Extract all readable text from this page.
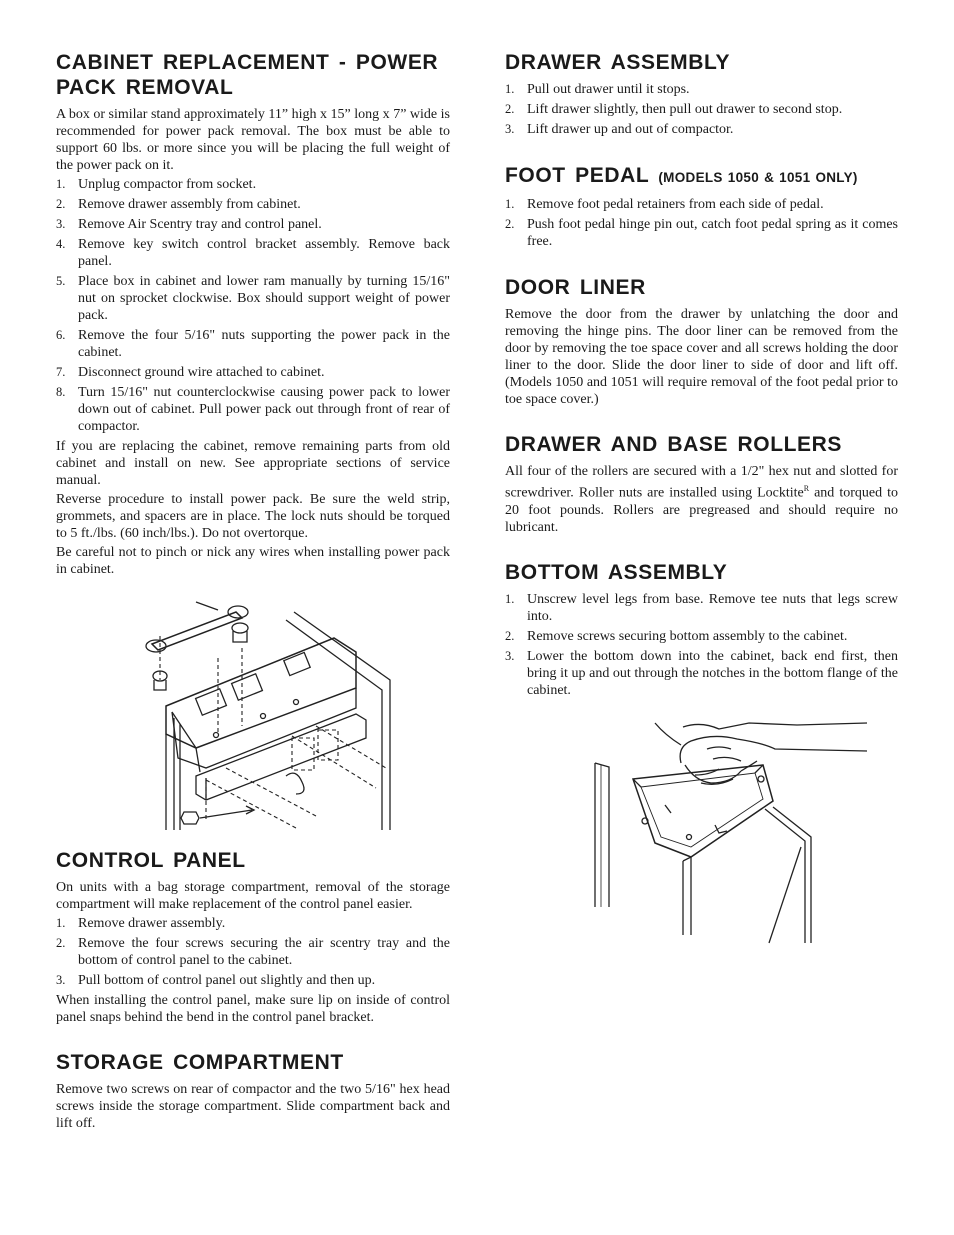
CABINET REPLACEMENT - POWER PACK REMOVAL

A box or similar stand approximately 11” high x 15” long x 7” wide is recommended for power pack removal. The box must be able to support 60 lbs. or more since you will be placing the full weight of the power pack on it.

1. Unplug compactor from socket.
2. Remove drawer assembly from cabinet.
3. Remove Air Scentry tray and control panel.
4. Remove key switch control bracket assembly. Remove back panel.
5. Place box in cabinet and lower ram manually by turning 15/16" nut on sprocket clockwise. Box should support weight of power pack.
6. Remove the four 5/16" nuts supporting the power pack in the cabinet.
7. Disconnect ground wire attached to cabinet.
8. Turn 15/16" nut counterclockwise causing power pack to lower down out of cabinet. Pull power pack out through front of rear of compactor.

If you are replacing the cabinet, remove remaining parts from old cabinet and install on new. See appropriate sections of service manual.

Reverse procedure to install power pack. Be sure the weld strip, grommets, and spacers are in place. The lock nuts should be torqued to 5 ft./lbs. (60 inch/lbs.). Do not overtorque.

Be careful not to pinch or nick any wires when installing power pack in cabinet.

CONTROL PANEL

On units with a bag storage compartment, removal of the storage compartment will make replacement of the control panel easier.

1. Remove drawer assembly.
2. Remove the four screws securing the air scentry tray and the bottom of control panel to the cabinet.
3. Pull bottom of control panel out slightly and then up.

When installing the control panel, make sure lip on inside of control panel snaps behind the bend in the control panel bracket.

STORAGE COMPARTMENT

Remove two screws on rear of compactor and the two 5/16" hex head screws inside the storage compartment. Slide compartment back and lift off.

DRAWER ASSEMBLY
1. Pull out drawer until it stops.
2. Lift drawer slightly, then pull out drawer to second stop.
3. Lift drawer up and out of compactor.
FOOT PEDAL (MODELS 1050 & 1051 ONLY)
1. Remove foot pedal retainers from each side of pedal.
2. Push foot pedal hinge pin out, catch foot pedal spring as it comes free.
DOOR LINER

Remove the door from the drawer by unlatching the door and removing the hinge pins. The door liner can be removed from the door by removing the toe space cover and all screws holding the door liner to the door. Slide the door liner to side of door and lift off. (Models 1050 and 1051 will require removal of the foot pedal prior to toe space cover.)

DRAWER AND BASE ROLLERS

All four of the rollers are secured with a 1/2" hex nut and slotted for screwdriver. Roller nuts are installed using Locktite$^R$ and torqued to 20 foot pounds. Rollers are pregreased and should require no lubricant.

BOTTOM ASSEMBLY
1. Unscrew level legs from base. Remove tee nuts that legs screw into.
2. Remove screws securing bottom assembly to the cabinet.
3. Lower the bottom down into the cabinet, back end first, then bring it up and out through the notches in the bottom flange of the cabinet.
